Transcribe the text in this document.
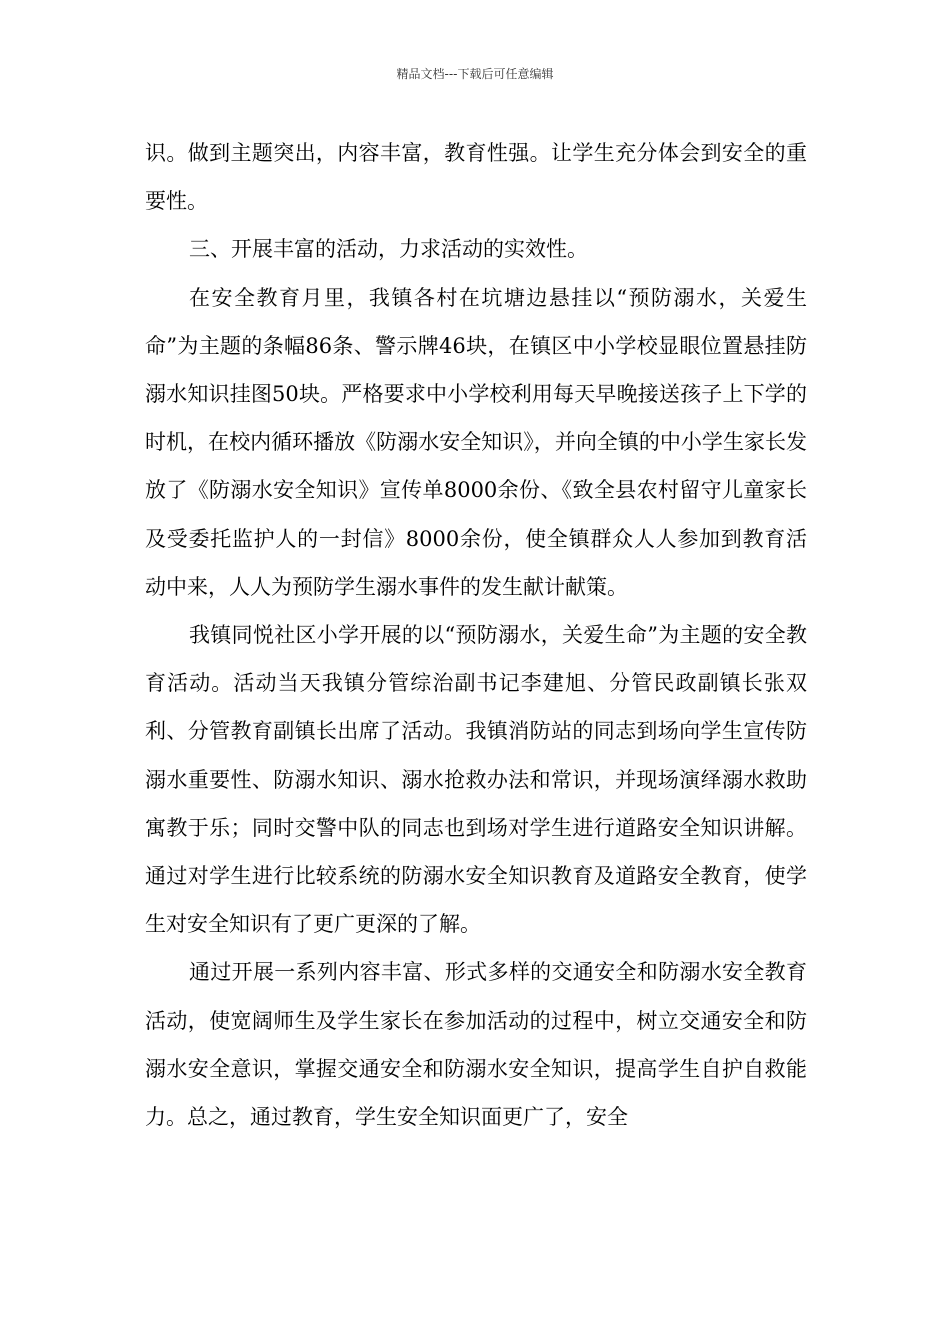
精品文档---下载后可任意编辑

识。做到主题突出，内容丰富，教育性强。让学生充分体会到安全的重要性。

三、开展丰富的活动，力求活动的实效性。

在安全教育月里，我镇各村在坑塘边悬挂以“预防溺水，关爱生命”为主题的条幅86条、警示牌46块，在镇区中小学校显眼位置悬挂防溺水知识挂图50块。严格要求中小学校利用每天早晚接送孩子上下学的时机，在校内循环播放《防溺水安全知识》，并向全镇的中小学生家长发放了《防溺水安全知识》宣传单8000余份、《致全县农村留守儿童家长及受委托监护人的一封信》8000余份，使全镇群众人人参加到教育活动中来，人人为预防学生溺水事件的发生献计献策。

我镇同悦社区小学开展的以“预防溺水，关爱生命”为主题的安全教育活动。活动当天我镇分管综治副书记李建旭、分管民政副镇长张双利、分管教育副镇长出席了活动。我镇消防站的同志到场向学生宣传防溺水重要性、防溺水知识、溺水抢救办法和常识，并现场演绎溺水救助寓教于乐；同时交警中队的同志也到场对学生进行道路安全知识讲解。通过对学生进行比较系统的防溺水安全知识教育及道路安全教育，使学生对安全知识有了更广更深的了解。

通过开展一系列内容丰富、形式多样的交通安全和防溺水安全教育活动，使宽阔师生及学生家长在参加活动的过程中，树立交通安全和防溺水安全意识，掌握交通安全和防溺水安全知识，提高学生自护自救能力。总之，通过教育，学生安全知识面更广了，安全
